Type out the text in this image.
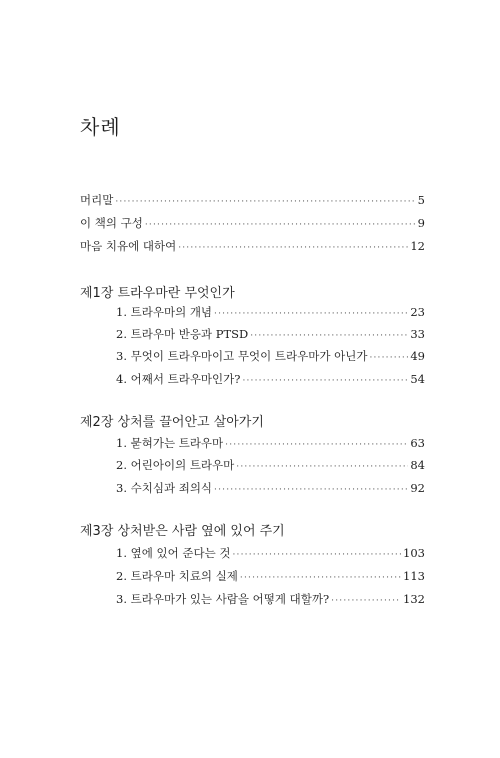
차례
머리말 ·····	5
이 책의 구성 ·····	9
마음 치유에 대하여 ·····	12
제1장 트라우마란 무엇인가
1. 트라우마의 개념 ·····	23
2. 트라우마 반응과 PTSD ·····	33
3. 무엇이 트라우마이고 무엇이 트라우마가 아닌가 ·····	49
4. 어째서 트라우마인가? ·····	54
제2장 상처를 끌어안고 살아가기
1. 묻혀가는 트라우마 ·····	63
2. 어린아이의 트라우마 ·····	84
3. 수치심과 죄의식 ·····	92
제3장 상처받은 사람 옆에 있어 주기
1. 옆에 있어 준다는 것 ·····	103
2. 트라우마 치료의 실제 ·····	113
3. 트라우마가 있는 사람을 어떻게 대할까? ·····	132
